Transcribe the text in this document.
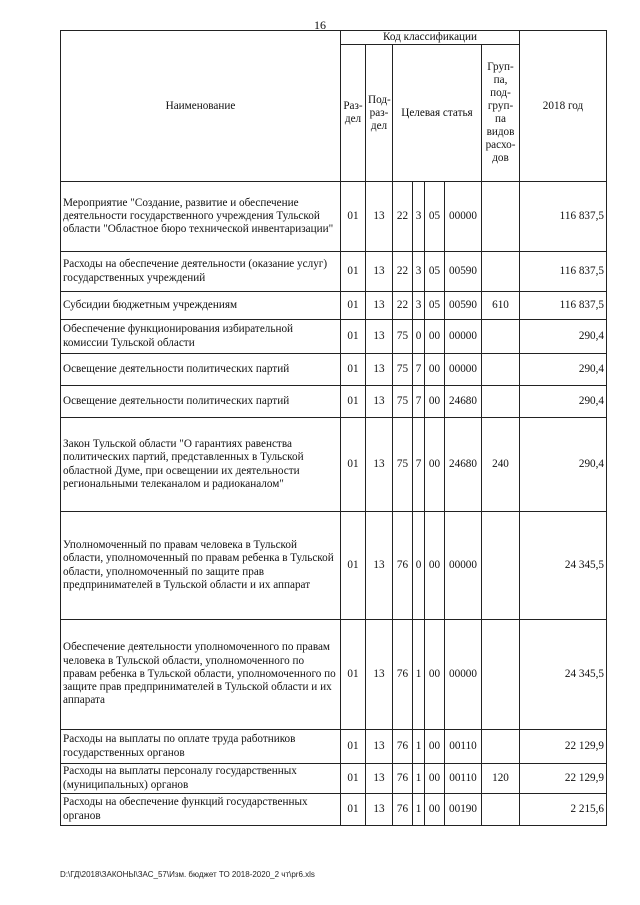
16
Наименование	Код классификации							2018 год
	Раз- дел	Под- раз- дел	Целевая статья				Груп- па, под- груп- па видов расхо- дов	
Мероприятие "Создание, развитие и обеспечение деятельности государственного учреждения Тульской области "Областное бюро технической инвентаризации"	01	13	22	3	05	00000		116 837,5
Расходы на обеспечение деятельности (оказание услуг) государственных учреждений	01	13	22	3	05	00590		116 837,5
Субсидии бюджетным учреждениям	01	13	22	3	05	00590	610	116 837,5
Обеспечение функционирования избирательной комиссии Тульской области	01	13	75	0	00	00000		290,4
Освещение деятельности политических партий	01	13	75	7	00	00000		290,4
Освещение деятельности политических партий	01	13	75	7	00	24680		290,4
Закон Тульской области "О гарантиях равенства политических партий, представленных в Тульской областной Думе, при освещении их деятельности региональными телеканалом и радиоканалом"	01	13	75	7	00	24680	240	290,4
Уполномоченный по правам человека в Тульской области, уполномоченный по правам ребенка в Тульской области, уполномоченный по защите прав предпринимателей в Тульской области и их аппарат	01	13	76	0	00	00000		24 345,5
Обеспечение деятельности уполномоченного по правам человека в Тульской области, уполномоченного по правам ребенка в Тульской области, уполномоченного по защите прав предпринимателей в Тульской области и их аппарата	01	13	76	1	00	00000		24 345,5
Расходы на выплаты по оплате труда работников государственных органов	01	13	76	1	00	00110		22 129,9
Расходы на выплаты персоналу государственных (муниципальных) органов	01	13	76	1	00	00110	120	22 129,9
Расходы на обеспечение функций государственных органов	01	13	76	1	00	00190		2 215,6
D:\ГД\2018\ЗАКОНЫ\ЗАС_57\Изм. бюджет ТО 2018-2020_2 чт\pr6.xls
